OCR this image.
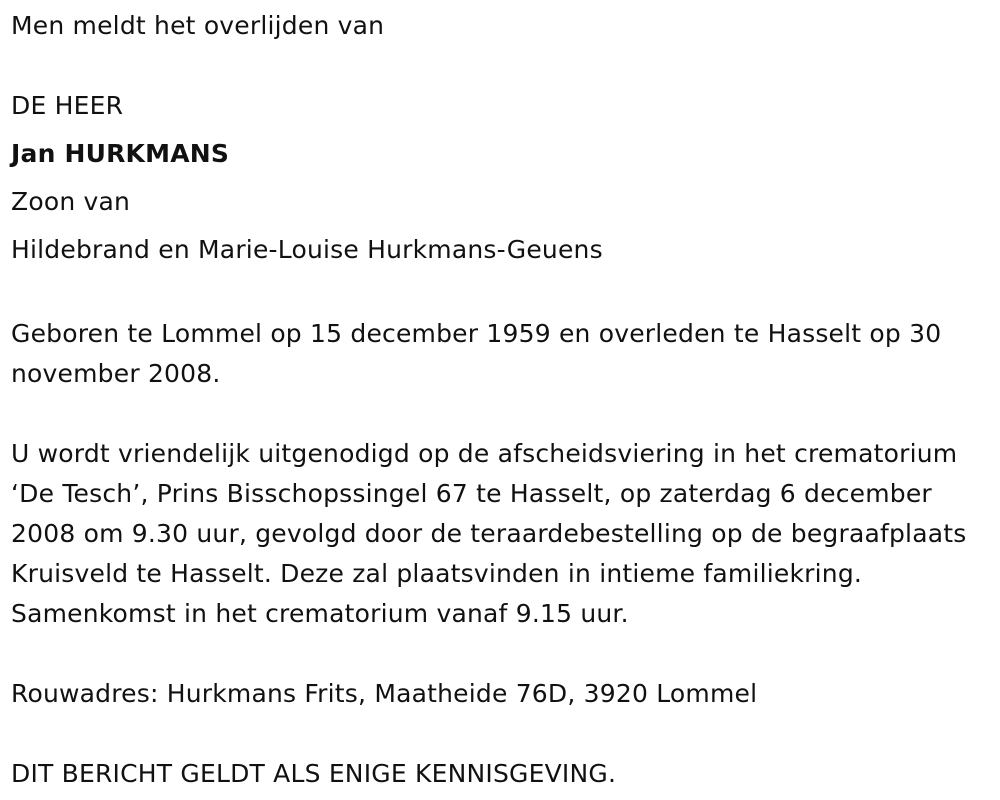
Men meldt het overlijden van

DE HEER

Jan HURKMANS

Zoon van

Hildebrand en Marie-Louise Hurkmans-Geuens

Geboren te Lommel op 15 december 1959 en overleden te Hasselt op 30 november 2008.

U wordt vriendelijk uitgenodigd op de afscheidsviering in het crematorium ‘De Tesch’, Prins Bisschopssingel 67 te Hasselt, op zaterdag 6 december 2008 om 9.30 uur, gevolgd door de teraardebestelling op de begraafplaats Kruisveld te Hasselt. Deze zal plaatsvinden in intieme familiekring. Samenkomst in het crematorium vanaf 9.15 uur.

Rouwadres: Hurkmans Frits, Maatheide 76D, 3920 Lommel

DIT BERICHT GELDT ALS ENIGE KENNISGEVING.
